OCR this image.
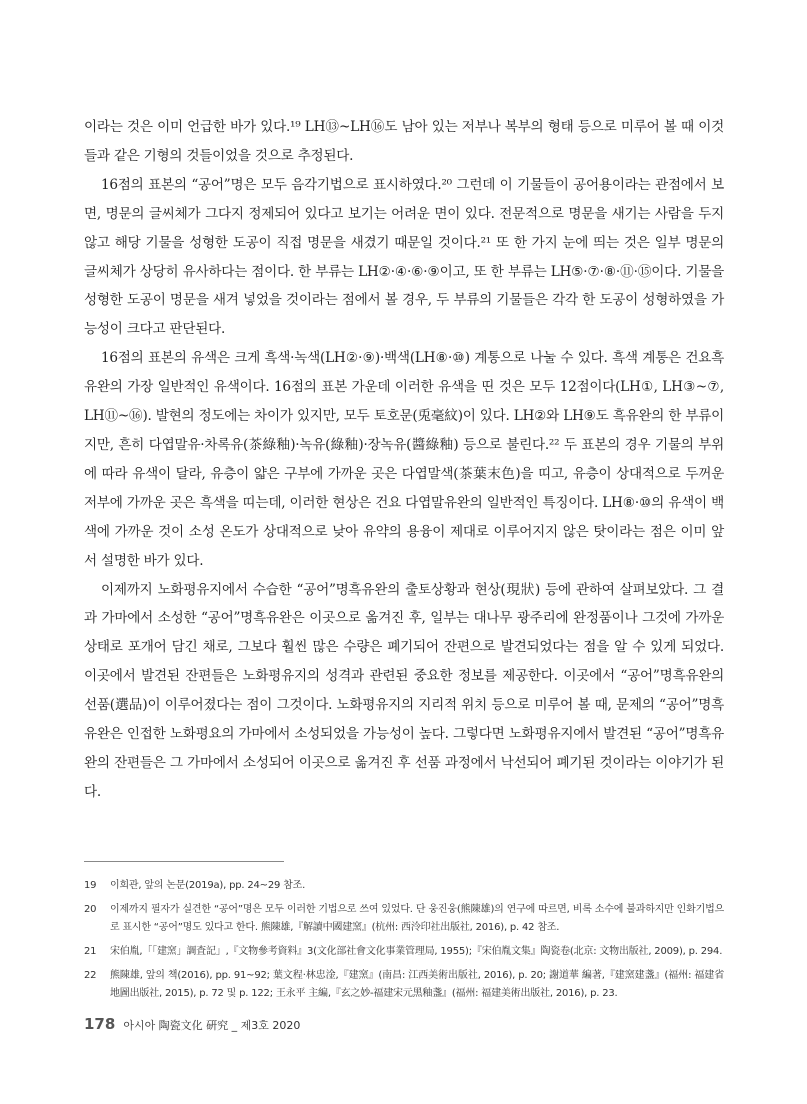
이라는 것은 이미 언급한 바가 있다.¹⁹ LH⑬~LH⑯도 남아 있는 저부나 복부의 형태 등으로 미루어 볼 때 이것들과 같은 기형의 것들이었을 것으로 추정된다.

16점의 표본의 “공어”명은 모두 음각기법으로 표시하였다.²⁰ 그런데 이 기물들이 공어용이라는 관점에서 보면, 명문의 글씨체가 그다지 정제되어 있다고 보기는 어려운 면이 있다. 전문적으로 명문을 새기는 사람을 두지 않고 해당 기물을 성형한 도공이 직접 명문을 새겼기 때문일 것이다.²¹ 또 한 가지 눈에 띄는 것은 일부 명문의 글씨체가 상당히 유사하다는 점이다. 한 부류는 LH②·④·⑥·⑨이고, 또 한 부류는 LH⑤·⑦·⑧·⑪·⑮이다. 기물을 성형한 도공이 명문을 새겨 넣었을 것이라는 점에서 볼 경우, 두 부류의 기물들은 각각 한 도공이 성형하였을 가능성이 크다고 판단된다.

16점의 표본의 유색은 크게 흑색·녹색(LH②·⑨)·백색(LH⑧·⑩) 계통으로 나눌 수 있다. 흑색 계통은 건요흑유완의 가장 일반적인 유색이다. 16점의 표본 가운데 이러한 유색을 띤 것은 모두 12점이다(LH①, LH③~⑦, LH⑪~⑯). 발현의 정도에는 차이가 있지만, 모두 토호문(兎毫紋)이 있다. LH②와 LH⑨도 흑유완의 한 부류이지만, 흔히 다엽말유·차록유(茶綠釉)·녹유(綠釉)·장녹유(醬綠釉) 등으로 불린다.²² 두 표본의 경우 기물의 부위에 따라 유색이 달라, 유층이 얇은 구부에 가까운 곳은 다엽말색(茶葉末色)을 띠고, 유층이 상대적으로 두꺼운 저부에 가까운 곳은 흑색을 띠는데, 이러한 현상은 건요 다엽말유완의 일반적인 특징이다. LH⑧·⑩의 유색이 백색에 가까운 것이 소성 온도가 상대적으로 낮아 유약의 용융이 제대로 이루어지지 않은 탓이라는 점은 이미 앞서 설명한 바가 있다.

이제까지 노화평유지에서 수습한 “공어”명흑유완의 출토상황과 현상(現狀) 등에 관하여 살펴보았다. 그 결과 가마에서 소성한 “공어”명흑유완은 이곳으로 옮겨진 후, 일부는 대나무 광주리에 완정품이나 그것에 가까운 상태로 포개어 담긴 채로, 그보다 훨씬 많은 수량은 폐기되어 잔편으로 발견되었다는 점을 알 수 있게 되었다. 이곳에서 발견된 잔편들은 노화평유지의 성격과 관련된 중요한 정보를 제공한다. 이곳에서 “공어”명흑유완의 선품(選品)이 이루어졌다는 점이 그것이다. 노화평유지의 지리적 위치 등으로 미루어 볼 때, 문제의 “공어”명흑유완은 인접한 노화평요의 가마에서 소성되었을 가능성이 높다. 그렇다면 노화평유지에서 발견된 “공어”명흑유완의 잔편들은 그 가마에서 소성되어 이곳으로 옮겨진 후 선품 과정에서 낙선되어 폐기된 것이라는 이야기가 된다.

19 이희관, 앞의 논문(2019a), pp. 24~29 참조.
20 이제까지 필자가 실견한 “공어”명은 모두 이러한 기법으로 쓰여 있었다. 단 웅진웅(熊陳雄)의 연구에 따르면, 비록 소수에 불과하지만 인화기법으로 표시한 “공어”명도 있다고 한다. 熊陳雄,『解讀中國建窯』(杭州: 西泠印社出版社, 2016), p. 42 참조.
21 宋伯胤,「「建窯」調査記」,『文物參考資料』3(文化部社會文化事業管理局, 1955);『宋伯胤文集』陶瓷卷(北京: 文物出版社, 2009), p. 294.
22 熊陳雄, 앞의 책(2016), pp. 91~92; 葉文程·林忠淦,『建窯』(南昌: 江西美術出版社, 2016), p. 20; 謝道華 編著,『建窯建盞』(福州: 福建省地圖出版社, 2015), p. 72 및 p. 122; 王永平 主編,『玄之妙-福建宋元黑釉盞』(福州: 福建美術出版社, 2016), p. 23.
178 아시아 陶瓷文化 硏究 _ 제3호 2020
